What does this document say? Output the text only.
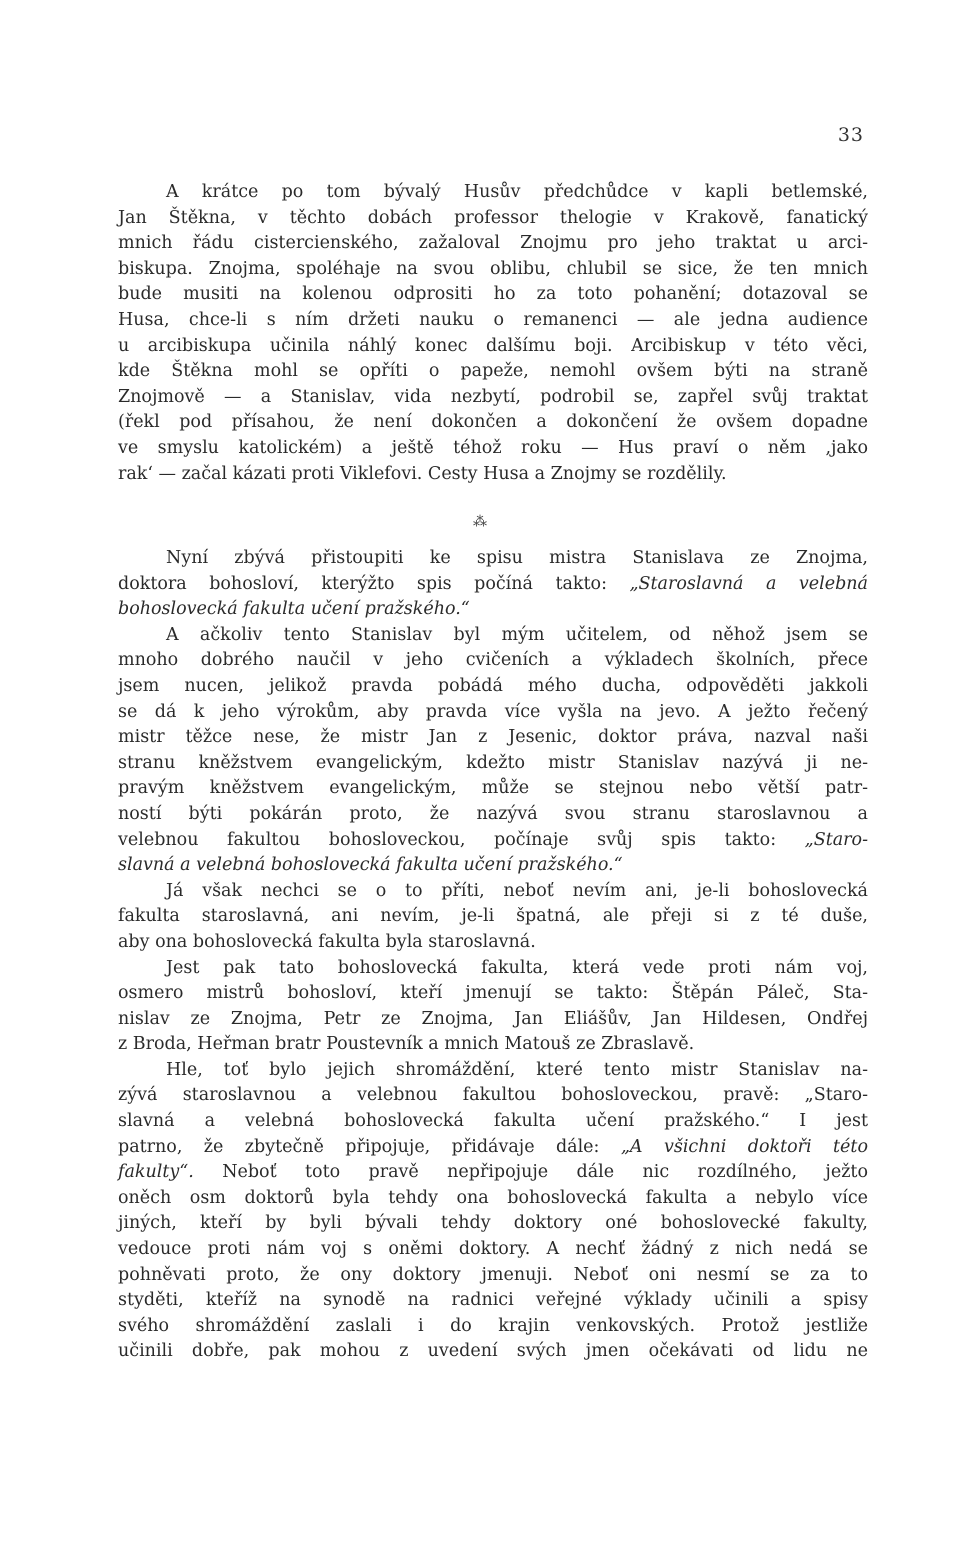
33
A krátce po tom bývalý Husův předchůdce v kapli betlemské,
Jan Štěkna, v těchto dobách professor thelogie v Krakově, fanatický
mnich řádu cistercienského, zažaloval Znojmu pro jeho traktat u arci-
biskupa. Znojma, spoléhaje na svou oblibu, chlubil se sice, že ten mnich
bude musiti na kolenou odprositi ho za toto pohanění; dotazoval se
Husa, chce-li s ním držeti nauku o remanenci — ale jedna audience
u arcibiskupa učinila náhlý konec dalšímu boji. Arcibiskup v této věci,
kde Štěkna mohl se opříti o papeže, nemohl ovšem býti na straně
Znojmově — a Stanislav, vida nezbytí, podrobil se, zapřel svůj traktat
(řekl pod přísahou, že není dokončen a dokončení že ovšem dopadne
ve smyslu katolickém) a ještě téhož roku — Hus praví o něm ‚jako
rak‘ — začal kázati proti Viklefovi. Cesty Husa a Znojmy se rozdělily.
Nyní zbývá přistoupiti ke spisu mistra Stanislava ze Znojma,
doktora bohosloví, kterýžto spis počíná takto: „Staroslavná a velebná
bohoslovecká fakulta učení pražského.“
A ačkoliv tento Stanislav byl mým učitelem, od něhož jsem se
mnoho dobrého naučil v jeho cvičeních a výkladech školních, přece
jsem nucen, jelikož pravda pobádá mého ducha, odpověděti jakkoli
se dá k jeho výrokům, aby pravda více vyšla na jevo. A ježto řečený
mistr těžce nese, že mistr Jan z Jesenic, doktor práva, nazval naši
stranu kněžstvem evangelickým, kdežto mistr Stanislav nazývá ji ne-
pravým kněžstvem evangelickým, může se stejnou nebo větší patr-
ností býti pokárán proto, že nazývá svou stranu staroslavnou a
velebnou fakultou bohosloveckou, počínaje svůj spis takto: „Staro-
slavná a velebná bohoslovecká fakulta učení pražského.“
Já však nechci se o to příti, neboť nevím ani, je-li bohoslovecká
fakulta staroslavná, ani nevím, je-li špatná, ale přeji si z té duše,
aby ona bohoslovecká fakulta byla staroslavná.
Jest pak tato bohoslovecká fakulta, která vede proti nám voj,
osmero mistrů bohosloví, kteří jmenují se takto: Štěpán Páleč, Sta-
nislav ze Znojma, Petr ze Znojma, Jan Eliášův, Jan Hildesen, Ondřej
z Broda, Heřman bratr Poustevník a mnich Matouš ze Zbraslavě.
Hle, toť bylo jejich shromáždění, které tento mistr Stanislav na-
zývá staroslavnou a velebnou fakultou bohosloveckou, pravě: „Staro-
slavná a velebná bohoslovecká fakulta učení pražského.“ I jest
patrno, že zbytečně připojuje, přidávaje dále: „A všichni doktoři této
fakulty“. Neboť toto pravě nepřipojuje dále nic rozdílného, ježto
oněch osm doktorů byla tehdy ona bohoslovecká fakulta a nebylo více
jiných, kteří by byli bývali tehdy doktory oné bohoslovecké fakulty,
vedouce proti nám voj s oněmi doktory. A nechť žádný z nich nedá se
pohněvati proto, že ony doktory jmenuji. Neboť oni nesmí se za to
styděti, kteříž na synodě na radnici veřejné výklady učinili a spisy
svého shromáždění zaslali i do krajin venkovských. Protož jestliže
učinili dobře, pak mohou z uvedení svých jmen očekávati od lidu ne
⁂
